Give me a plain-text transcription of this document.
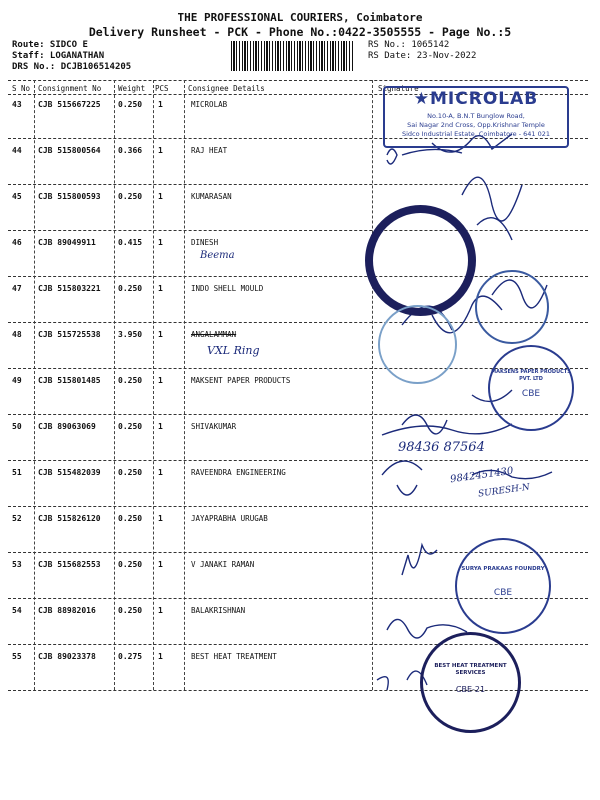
THE PROFESSIONAL COURIERS, Coimbatore
Delivery Runsheet - PCK - Phone No.:0422-3505555 - Page No.:5
Route: SIDCO E
Staff: LOGANATHAN
DRS No.: DCJB106514205
RS No.: 1065142
RS Date: 23-Nov-2022
S No Consignment No Weight PCS	Consignee Details	Signature
43 CJB 515667225 0.250 1	MICROLAB
44 CJB 515800564 0.366 1	RAJ HEAT
45 CJB 515800593 0.250 1	KUMARASAN
46 CJB 89049911	0.415 1	DINESH
47 CJB 515803221 0.250 1	INDO SHELL MOULD
48 CJB 515725538 3.950 1	ANGALAMMAN
49 CJB 515801485 0.250 1	MAKSENT PAPER PRODUCTS
50 CJB 89063069	0.250 1	SHIVAKUMAR
51 CJB 515482039 0.250 1	RAVEENDRA ENGINEERING
52 CJB 515826120 0.250 1	JAYAPRABHA URUGAB
53 CJB 515682553 0.250 1	V JANAKI RAMAN
54 CJB 88982016	0.250 1	BALAKRISHNAN
55 CJB 89023378	0.275 1	BEST HEAT TREATMENT
Beema
VXL Ring
98436 87564
9842451430
SURESH-N
★MICROLAB
No.10-A, B.N.T Bunglow Road,
Sai Nagar 2nd Cross, Opp.Krishnar Temple
Sidco Industrial Estate, Coimbatore - 641 021
MAKSENS PAPER PRODUCTS PVT. LTD
CBE
SURYA PRAKAAS FOUNDRY
CBE
BEST HEAT TREATMENT SERVICES
CBE-21
